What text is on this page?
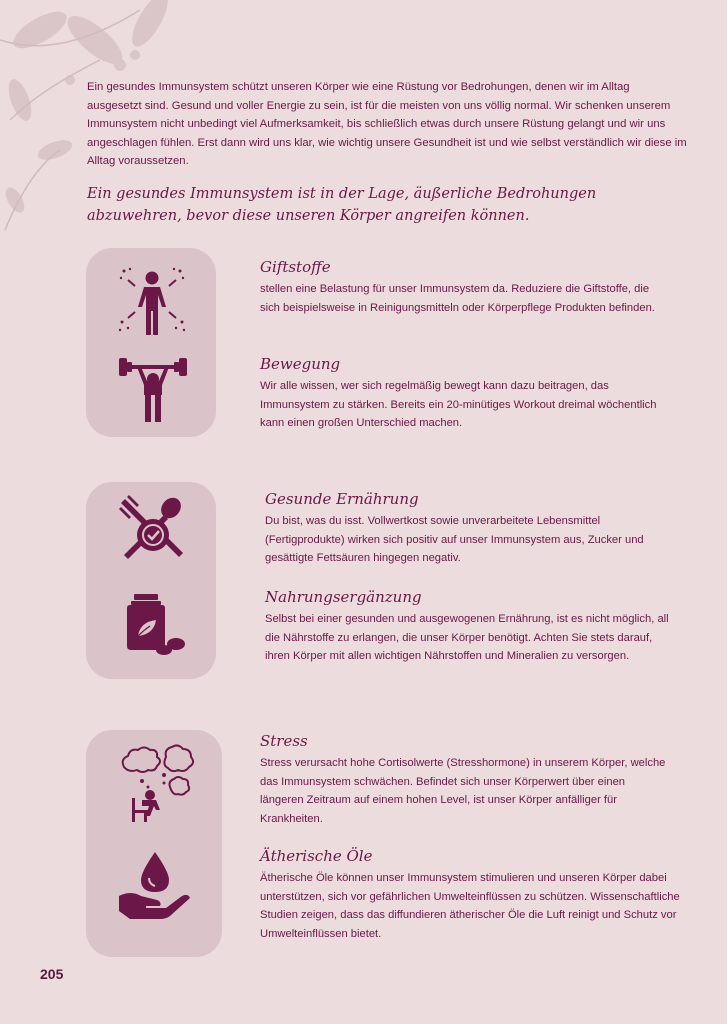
Ein gesundes Immunsystem schützt unseren Körper wie eine Rüstung vor Bedrohungen, denen wir im Alltag ausgesetzt sind. Gesund und voller Energie zu sein, ist für die meisten von uns völlig normal. Wir schenken unserem Immunsystem nicht unbedingt viel Aufmerksamkeit, bis schließlich etwas durch unsere Rüstung gelangt und wir uns angeschlagen fühlen. Erst dann wird uns klar, wie wichtig unsere Gesundheit ist und wie selbst verständlich wir diese im Alltag voraussetzen.
Ein gesundes Immunsystem ist in der Lage, äußerliche Bedrohungen
abzuwehren, bevor diese unseren Körper angreifen können.
Giftstoffe

stellen eine Belastung für unser Immunsystem da. Reduziere die Giftstoffe, die sich beispielsweise in Reinigungsmitteln oder Körperpflege Produkten befinden.

Bewegung

Wir alle wissen, wer sich regelmäßig bewegt kann dazu beitragen, das Immunsystem zu stärken. Bereits ein 20-minütiges Workout dreimal wöchentlich kann einen großen Unterschied machen.

Gesunde Ernährung

Du bist, was du isst. Vollwertkost sowie unverarbeitete Lebensmittel (Fertigprodukte) wirken sich positiv auf unser Immunsystem aus, Zucker und gesättigte Fettsäuren hingegen negativ.

Nahrungsergänzung

Selbst bei einer gesunden und ausgewogenen Ernährung, ist es nicht möglich, all die Nährstoffe zu erlangen, die unser Körper benötigt. Achten Sie stets darauf, ihren Körper mit allen wichtigen Nährstoffen und Mineralien zu versorgen.

Stress

Stress verursacht hohe Cortisolwerte (Stresshormone) in unserem Körper, welche das Immunsystem schwächen. Befindet sich unser Körperwert über einen längeren Zeitraum auf einem hohen Level, ist unser Körper anfälliger für Krankheiten.

Ätherische Öle

Ätherische Öle können unser Immunsystem stimulieren und unseren Körper dabei unterstützen, sich vor gefährlichen Umwelteinflüssen zu schützen. Wissenschaftliche Studien zeigen, dass das diffundieren ätherischer Öle die Luft reinigt und Schutz vor Umwelteinflüssen bietet.

205
